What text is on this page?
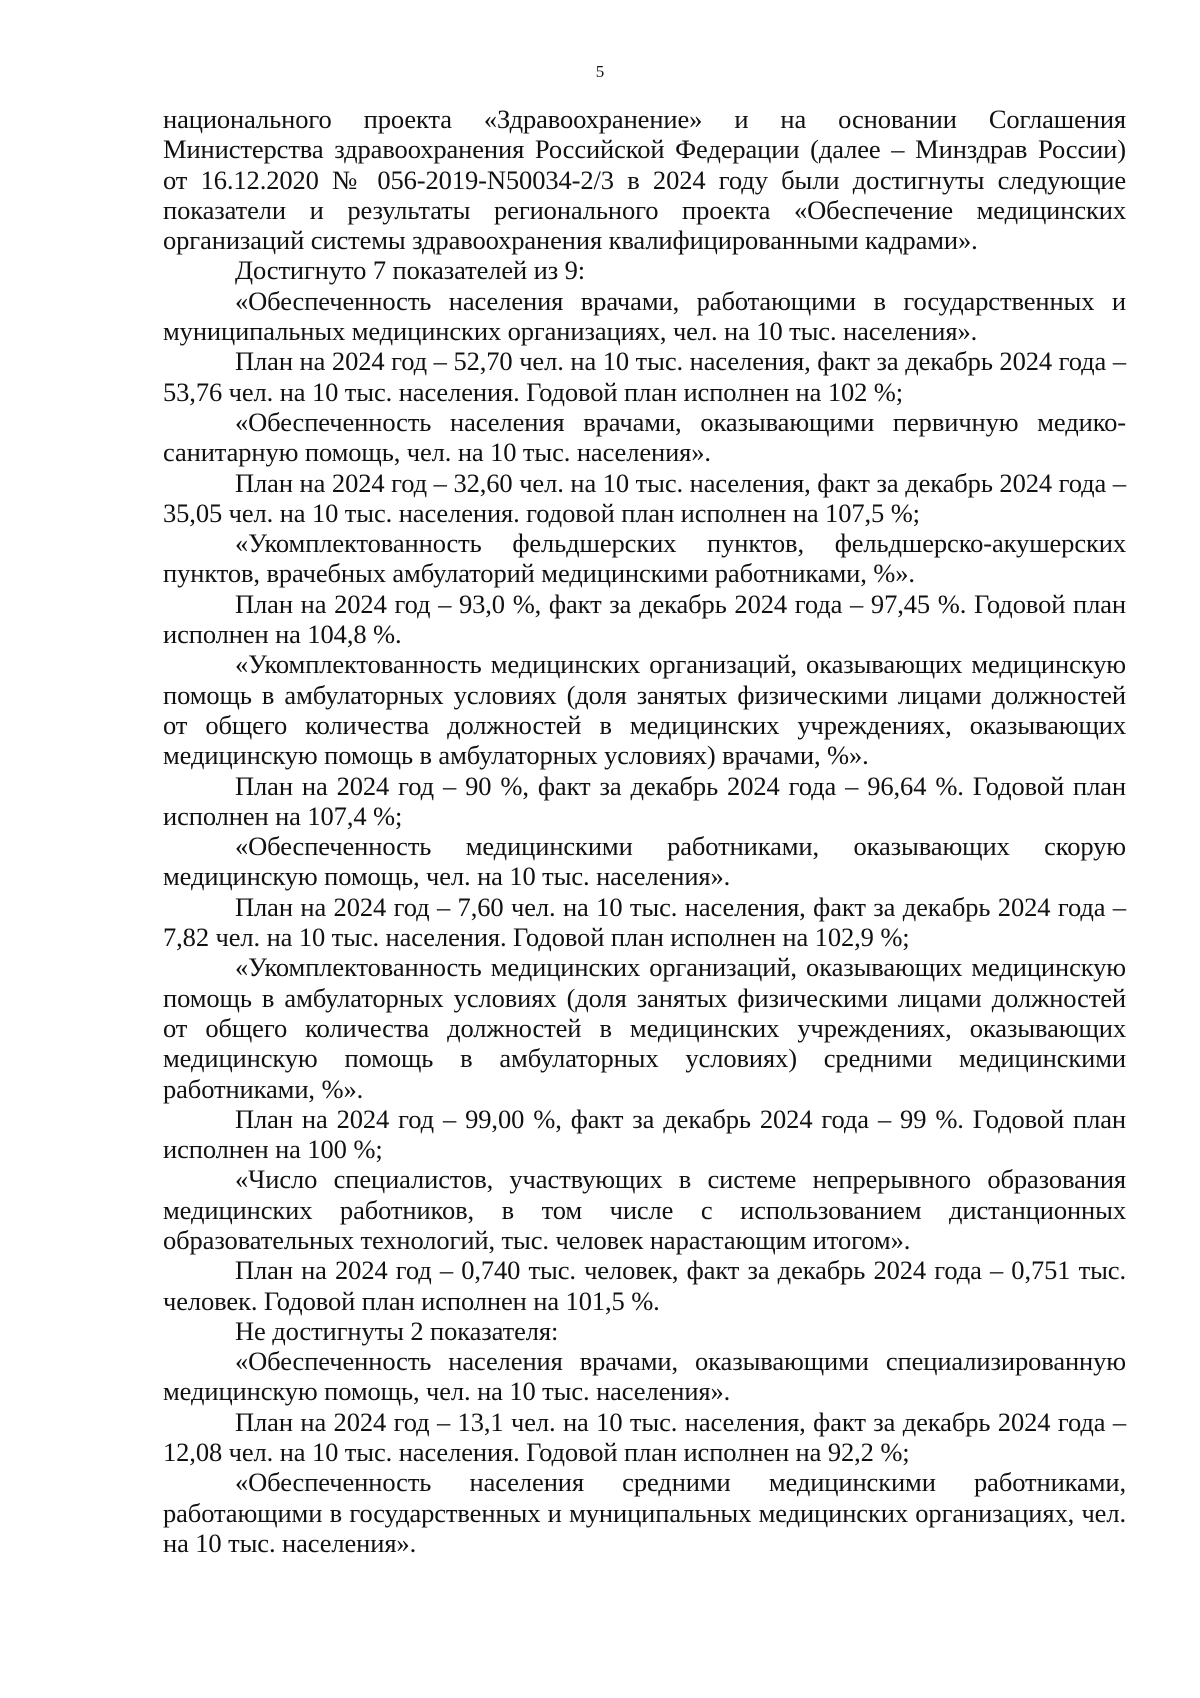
5

национального проекта «Здравоохранение» и на основании Соглашения Министерства здравоохранения Российской Федерации (далее – Минздрав России) от 16.12.2020 № 056-2019-N50034-2/3 в 2024 году были достигнуты следующие показатели и результаты регионального проекта «Обеспечение медицинских организаций системы здравоохранения квалифицированными кадрами».

Достигнуто 7 показателей из 9:

«Обеспеченность населения врачами, работающими в государственных и муниципальных медицинских организациях, чел. на 10 тыс. населения».

План на 2024 год – 52,70 чел. на 10 тыс. населения, факт за декабрь 2024 года – 53,76 чел. на 10 тыс. населения. Годовой план исполнен на 102 %;

«Обеспеченность населения врачами, оказывающими первичную медико-санитарную помощь, чел. на 10 тыс. населения».

План на 2024 год – 32,60 чел. на 10 тыс. населения, факт за декабрь 2024 года – 35,05 чел. на 10 тыс. населения. годовой план исполнен на 107,5 %;

«Укомплектованность фельдшерских пунктов, фельдшерско-акушерских пунктов, врачебных амбулаторий медицинскими работниками, %».

План на 2024 год – 93,0 %, факт за декабрь 2024 года – 97,45 %. Годовой план исполнен на 104,8 %.

«Укомплектованность медицинских организаций, оказывающих медицинскую помощь в амбулаторных условиях (доля занятых физическими лицами должностей от общего количества должностей в медицинских учреждениях, оказывающих медицинскую помощь в амбулаторных условиях) врачами, %».

План на 2024 год – 90 %, факт за декабрь 2024 года – 96,64 %. Годовой план исполнен на 107,4 %;

«Обеспеченность медицинскими работниками, оказывающих скорую медицинскую помощь, чел. на 10 тыс. населения».

План на 2024 год – 7,60 чел. на 10 тыс. населения, факт за декабрь 2024 года – 7,82 чел. на 10 тыс. населения. Годовой план исполнен на 102,9 %;

«Укомплектованность медицинских организаций, оказывающих медицинскую помощь в амбулаторных условиях (доля занятых физическими лицами должностей от общего количества должностей в медицинских учреждениях, оказывающих медицинскую помощь в амбулаторных условиях) средними медицинскими работниками, %».

План на 2024 год – 99,00 %, факт за декабрь 2024 года – 99 %. Годовой план исполнен на 100 %;

«Число специалистов, участвующих в системе непрерывного образования медицинских работников, в том числе с использованием дистанционных образовательных технологий, тыс. человек нарастающим итогом».

План на 2024 год – 0,740 тыс. человек, факт за декабрь 2024 года – 0,751 тыс. человек. Годовой план исполнен на 101,5 %.

Не достигнуты 2 показателя:

«Обеспеченность населения врачами, оказывающими специализированную медицинскую помощь, чел. на 10 тыс. населения».

План на 2024 год – 13,1 чел. на 10 тыс. населения, факт за декабрь 2024 года – 12,08 чел. на 10 тыс. населения. Годовой план исполнен на 92,2 %;

«Обеспеченность населения средними медицинскими работниками, работающими в государственных и муниципальных медицинских организациях, чел. на 10 тыс. населения».
